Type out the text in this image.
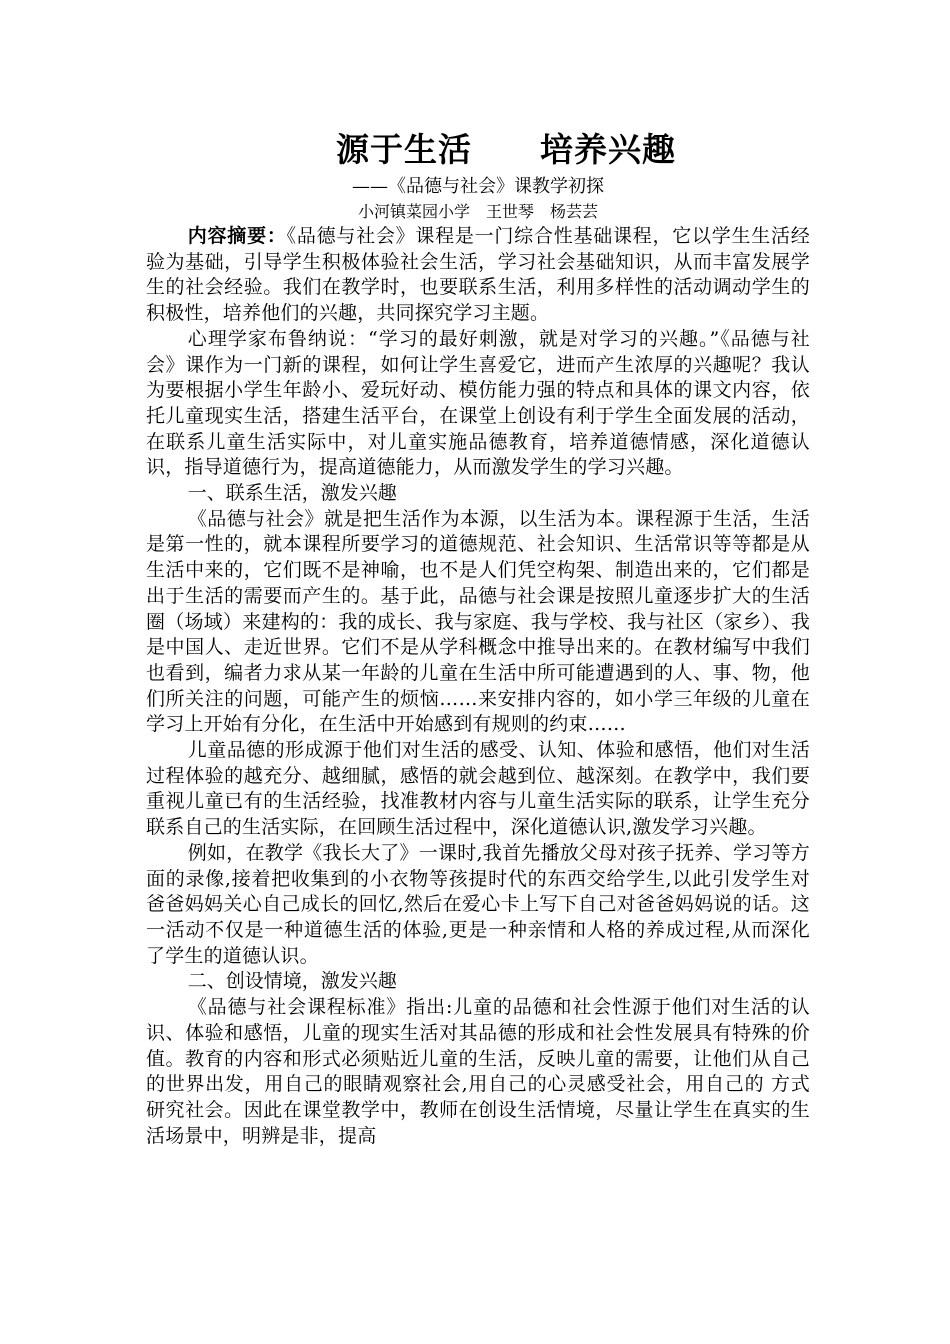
源于生活　　培养兴趣
——《品德与社会》课教学初探
小河镇菜园小学　王世琴　杨芸芸

内容摘要：《品德与社会》课程是一门综合性基础课程，它以学生生活经验为基础，引导学生积极体验社会生活，学习社会基础知识，从而丰富发展学生的社会经验。我们在教学时，也要联系生活，利用多样性的活动调动学生的积极性，培养他们的兴趣，共同探究学习主题。

心理学家布鲁纳说：“学习的最好刺激，就是对学习的兴趣。”《品德与社会》课作为一门新的课程，如何让学生喜爱它，进而产生浓厚的兴趣呢？我认为要根据小学生年龄小、爱玩好动、模仿能力强的特点和具体的课文内容，依托儿童现实生活，搭建生活平台，在课堂上创设有利于学生全面发展的活动，在联系儿童生活实际中，对儿童实施品德教育，培养道德情感，深化道德认识，指导道德行为，提高道德能力，从而激发学生的学习兴趣。

一、联系生活，激发兴趣

《品德与社会》就是把生活作为本源，以生活为本。课程源于生活，生活是第一性的，就本课程所要学习的道德规范、社会知识、生活常识等等都是从生活中来的，它们既不是神喻，也不是人们凭空构架、制造出来的，它们都是出于生活的需要而产生的。基于此，品德与社会课是按照儿童逐步扩大的生活圈（场域）来建构的：我的成长、我与家庭、我与学校、我与社区（家乡）、我是中国人、走近世界。它们不是从学科概念中推导出来的。在教材编写中我们也看到，编者力求从某一年龄的儿童在生活中所可能遭遇到的人、事、物，他们所关注的问题，可能产生的烦恼……来安排内容的，如小学三年级的儿童在学习上开始有分化，在生活中开始感到有规则的约束……

儿童品德的形成源于他们对生活的感受、认知、体验和感悟，他们对生活过程体验的越充分、越细腻，感悟的就会越到位、越深刻。在教学中，我们要重视儿童已有的生活经验，找准教材内容与儿童生活实际的联系，让学生充分联系自己的生活实际，在回顾生活过程中，深化道德认识,激发学习兴趣。

例如，在教学《我长大了》一课时,我首先播放父母对孩子抚养、学习等方面的录像,接着把收集到的小衣物等孩提时代的东西交给学生,以此引发学生对爸爸妈妈关心自己成长的回忆,然后在爱心卡上写下自己对爸爸妈妈说的话。这一活动不仅是一种道德生活的体验,更是一种亲情和人格的养成过程,从而深化了学生的道德认识。

二、创设情境，激发兴趣

《品德与社会课程标准》指出:儿童的品德和社会性源于他们对生活的认识、体验和感悟，儿童的现实生活对其品德的形成和社会性发展具有特殊的价值。教育的内容和形式必须贴近儿童的生活，反映儿童的需要，让他们从自己的世界出发，用自己的眼睛观察社会,用自己的心灵感受社会，用自己的 方式研究社会。因此在课堂教学中，教师在创设生活情境，尽量让学生在真实的生活场景中，明辨是非，提高
